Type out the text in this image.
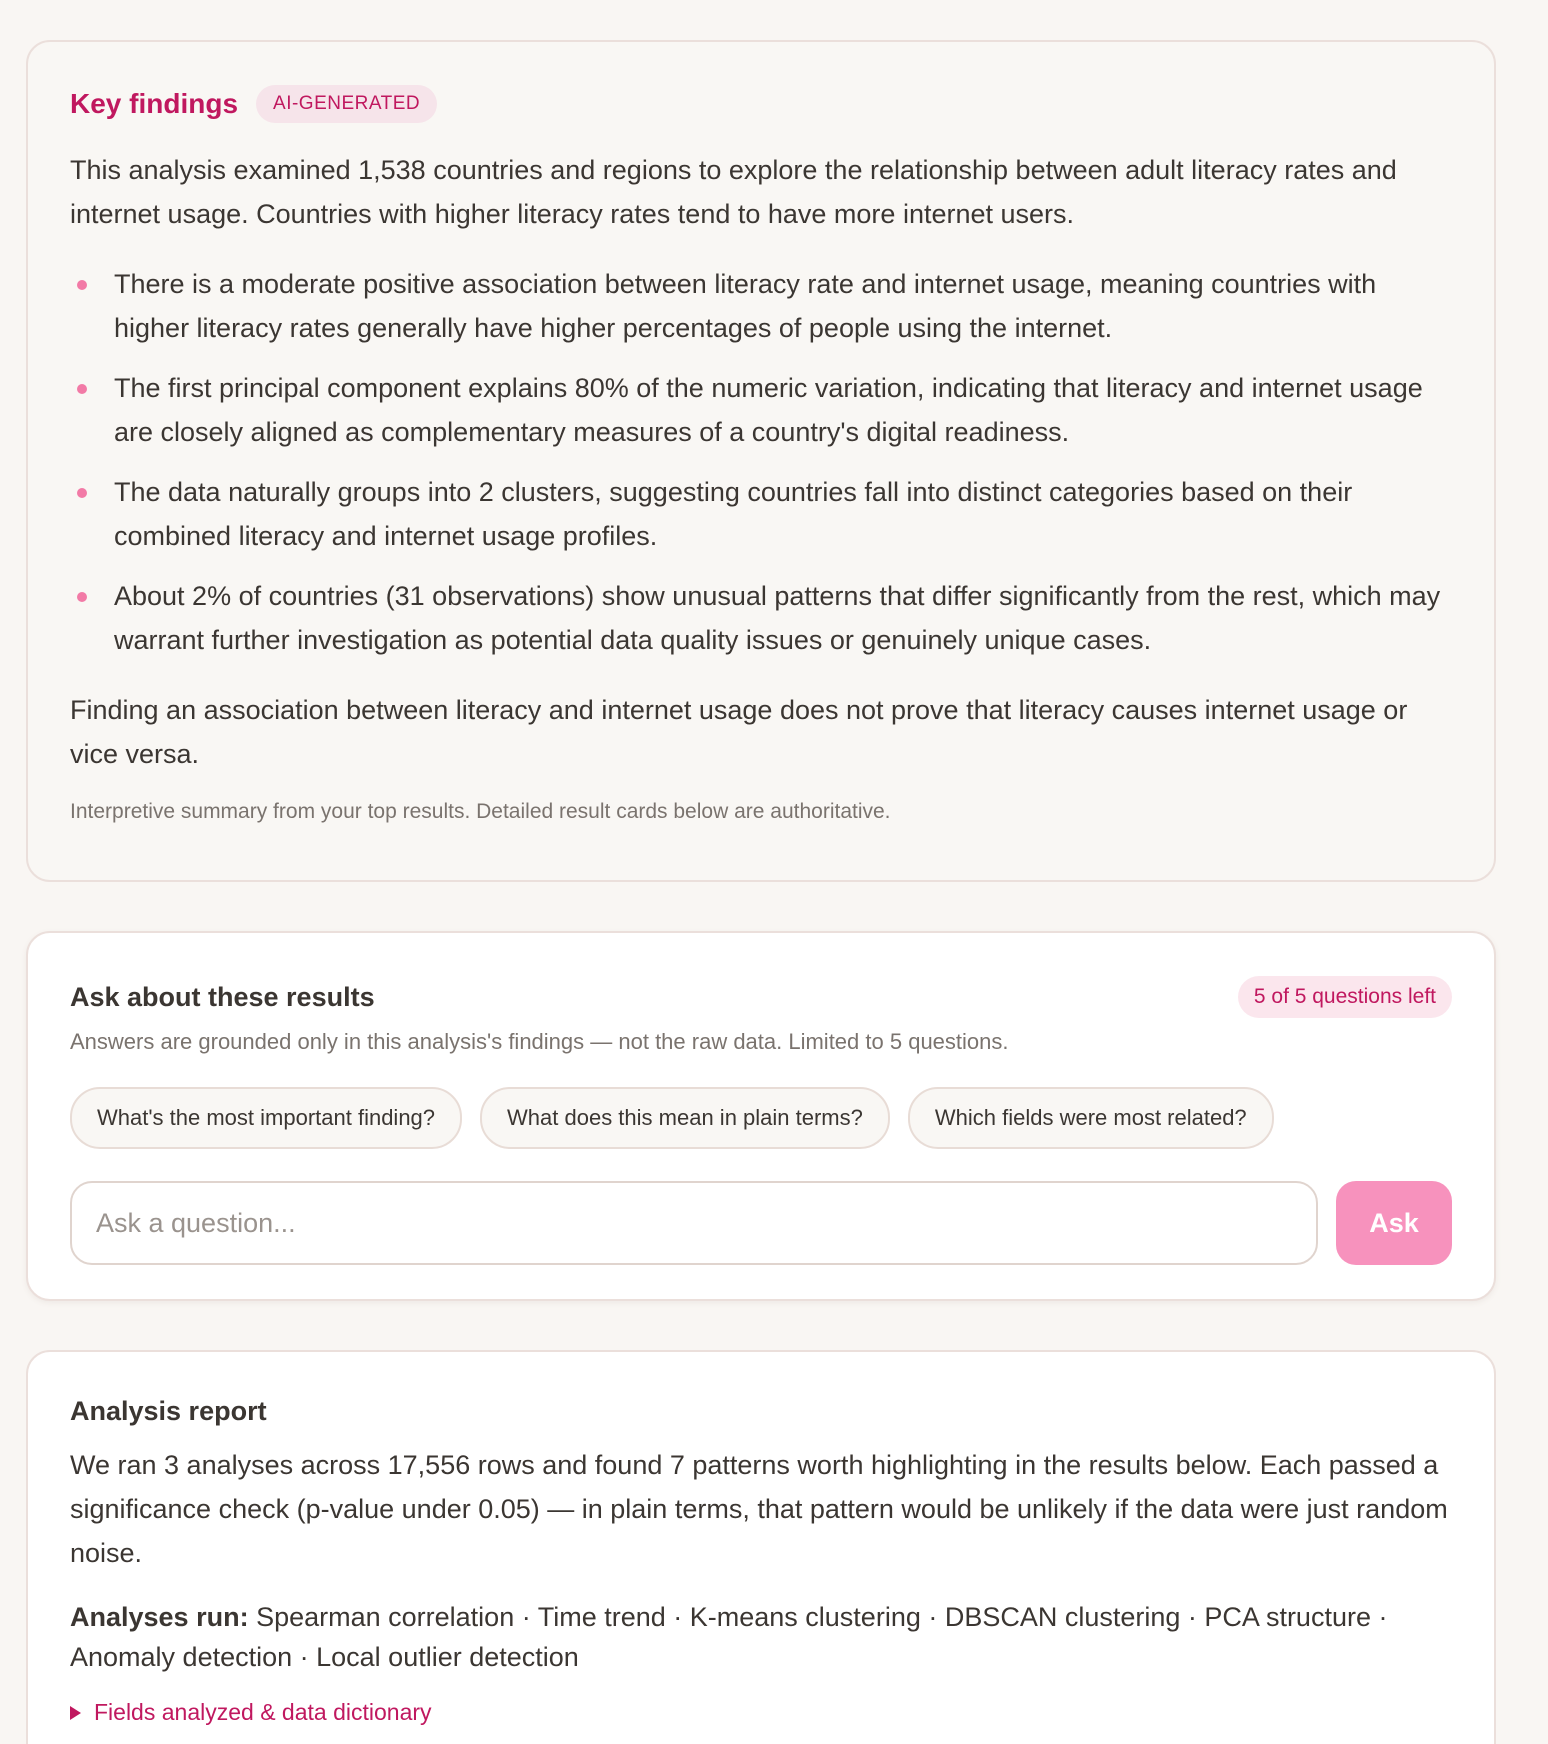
Key findings	AI-GENERATED

This analysis examined 1,538 countries and regions to explore the relationship between adult literacy rates and internet usage. Countries with higher literacy rates tend to have more internet users.

There is a moderate positive association between literacy rate and internet usage, meaning countries with higher literacy rates generally have higher percentages of people using the internet.
The first principal component explains 80% of the numeric variation, indicating that literacy and internet usage are closely aligned as complementary measures of a country's digital readiness.
The data naturally groups into 2 clusters, suggesting countries fall into distinct categories based on their combined literacy and internet usage profiles.
About 2% of countries (31 observations) show unusual patterns that differ significantly from the rest, which may warrant further investigation as potential data quality issues or genuinely unique cases.

Finding an association between literacy and internet usage does not prove that literacy causes internet usage or vice versa.

Interpretive summary from your top results. Detailed result cards below are authoritative.

Ask about these results	5 of 5 questions left

Answers are grounded only in this analysis's findings — not the raw data. Limited to 5 questions.

What's the most important finding?	What does this mean in plain terms?	Which fields were most related?
Ask a question...
Ask
Analysis report

We ran 3 analyses across 17,556 rows and found 7 patterns worth highlighting in the results below. Each passed a significance check (p-value under 0.05) — in plain terms, that pattern would be unlikely if the data were just random noise.

Analyses run: Spearman correlation · Time trend · K-means clustering · DBSCAN clustering · PCA structure · Anomaly detection · Local outlier detection

Fields analyzed & data dictionary
